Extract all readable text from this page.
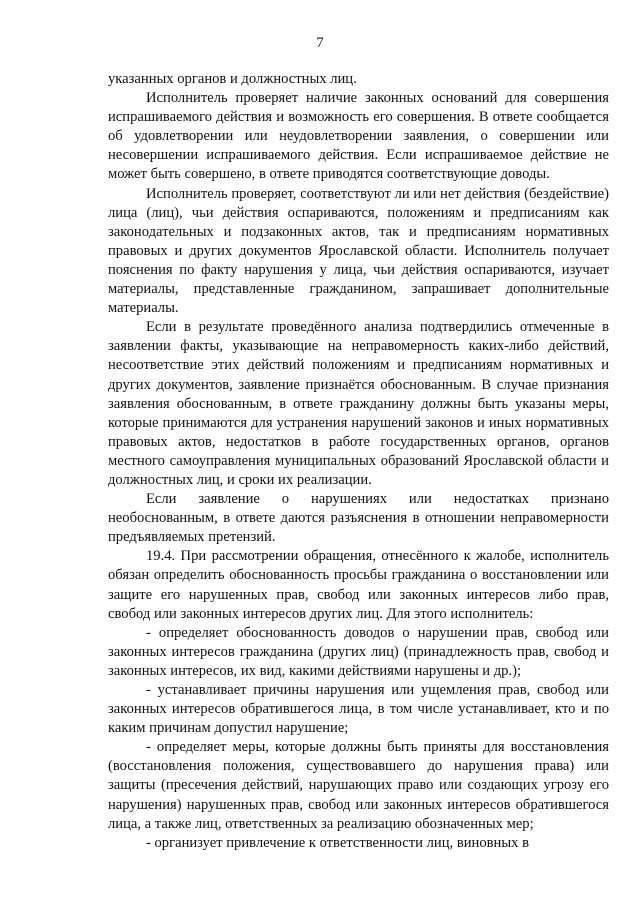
7

указанных органов и должностных лиц.

Исполнитель проверяет наличие законных оснований для совершения испрашиваемого действия и возможность его совершения. В ответе сообщается об удовлетворении или неудовлетворении заявления, о совершении или несовершении испрашиваемого действия. Если испрашиваемое действие не может быть совершено, в ответе приводятся соответствующие доводы.

Исполнитель проверяет, соответствуют ли или нет действия (бездействие) лица (лиц), чьи действия оспариваются, положениям и предписаниям как законодательных и подзаконных актов, так и предписаниям нормативных правовых и других документов Ярославской области. Исполнитель получает пояснения по факту нарушения у лица, чьи действия оспариваются, изучает материалы, представленные гражданином, запрашивает дополнительные материалы.

Если в результате проведённого анализа подтвердились отмеченные в заявлении факты, указывающие на неправомерность каких-либо действий, несоответствие этих действий положениям и предписаниям нормативных и других документов, заявление признаётся обоснованным. В случае признания заявления обоснованным, в ответе гражданину должны быть указаны меры, которые принимаются для устранения нарушений законов и иных нормативных правовых актов, недостатков в работе государственных органов, органов местного самоуправления муниципальных образований Ярославской области и должностных лиц, и сроки их реализации.

Если заявление о нарушениях или недостатках признано необоснованным, в ответе даются разъяснения в отношении неправомерности предъявляемых претензий.

19.4. При рассмотрении обращения, отнесённого к жалобе, исполнитель обязан определить обоснованность просьбы гражданина о восстановлении или защите его нарушенных прав, свобод или законных интересов либо прав, свобод или законных интересов других лиц. Для этого исполнитель:

- определяет обоснованность доводов о нарушении прав, свобод или законных интересов гражданина (других лиц) (принадлежность прав, свобод и законных интересов, их вид, какими действиями нарушены и др.);

- устанавливает причины нарушения или ущемления прав, свобод или законных интересов обратившегося лица, в том числе устанавливает, кто и по каким причинам допустил нарушение;

- определяет меры, которые должны быть приняты для восстановления (восстановления положения, существовавшего до нарушения права) или защиты (пресечения действий, нарушающих право или создающих угрозу его нарушения) нарушенных прав, свобод или законных интересов обратившегося лица, а также лиц, ответственных за реализацию обозначенных мер;

- организует привлечение к ответственности лиц, виновных в
